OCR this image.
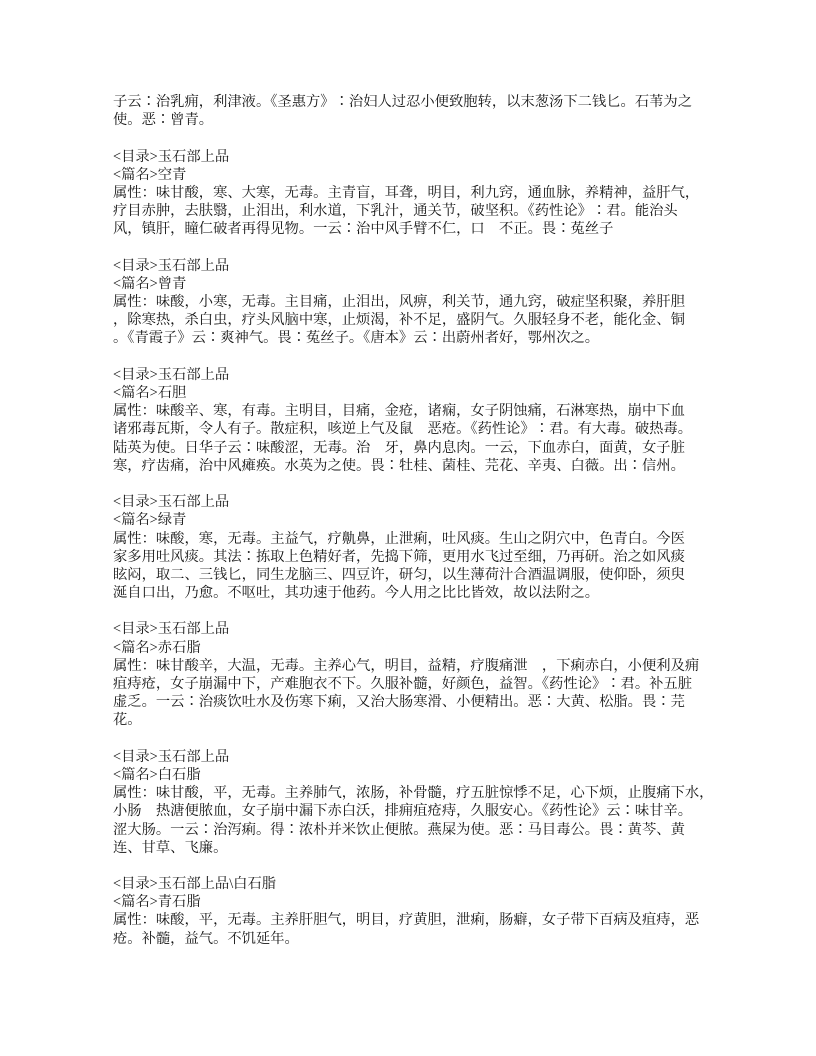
子云∶治乳痈，利津液。《圣惠方》∶治妇人过忍小便致胞转，以末葱汤下二钱匕。石苇为之
使。恶∶曾青。
<目录>玉石部上品
<篇名>空青
属性：味甘酸，寒、大寒，无毒。主青盲，耳聋，明目，利九窍，通血脉，养精神，益肝气，
疗目赤肿，去肤翳，止泪出，利水道，下乳汁，通关节，破坚积。《药性论》∶君。能治头
风，镇肝，瞳仁破者再得见物。一云∶治中风手臂不仁，口　不正。畏∶菟丝子
<目录>玉石部上品
<篇名>曾青
属性：味酸，小寒，无毒。主目痛，止泪出，风痹，利关节，通九窍，破症坚积聚，养肝胆
，除寒热，杀白虫，疗头风脑中寒，止烦渴，补不足，盛阴气。久服轻身不老，能化金、铜
。《青霞子》云∶爽神气。畏∶菟丝子。《唐本》云∶出蔚州者好，鄂州次之。
<目录>玉石部上品
<篇名>石胆
属性：味酸辛、寒，有毒。主明目，目痛，金疮，诸痫，女子阴蚀痛，石淋寒热，崩中下血
诸邪毒瓦斯，令人有子。散症积，咳逆上气及鼠　恶疮。《药性论》∶君。有大毒。破热毒。
陆英为使。日华子云∶味酸涩，无毒。治　牙，鼻内息肉。一云，下血赤白，面黄，女子脏
寒，疗齿痛，治中风瘫痪。水英为之使。畏∶牡桂、菌桂、芫花、辛夷、白薇。出∶信州。
<目录>玉石部上品
<篇名>绿青
属性：味酸，寒，无毒。主益气，疗鼽鼻，止泄痢，吐风痰。生山之阴穴中，色青白。今医
家多用吐风痰。其法∶拣取上色精好者，先捣下筛，更用水飞过至细，乃再研。治之如风痰
眩闷，取二、三钱匕，同生龙脑三、四豆许，研匀，以生薄荷汁合酒温调服，使仰卧，须臾
涎自口出，乃愈。不呕吐，其功速于他药。今人用之比比皆效，故以法附之。
<目录>玉石部上品
<篇名>赤石脂
属性：味甘酸辛，大温，无毒。主养心气，明目，益精，疗腹痛泄　，下痢赤白，小便利及痈
疽痔疮，女子崩漏中下，产难胞衣不下。久服补髓，好颜色，益智。《药性论》∶君。补五脏
虚乏。一云∶治痰饮吐水及伤寒下痢，又治大肠寒滑、小便精出。恶∶大黄、松脂。畏∶芫
花。
<目录>玉石部上品
<篇名>白石脂
属性：味甘酸，平，无毒。主养肺气，浓肠，补骨髓，疗五脏惊悸不足，心下烦，止腹痛下水，
小肠　热溏便脓血，女子崩中漏下赤白沃，排痈疽疮痔，久服安心。《药性论》云∶味甘辛。
涩大肠。一云∶治泻痢。得∶浓朴并米饮止便脓。燕屎为使。恶∶马目毒公。畏∶黄芩、黄
连、甘草、飞廉。
<目录>玉石部上品\白石脂
<篇名>青石脂
属性：味酸，平，无毒。主养肝胆气，明目，疗黄胆，泄痢，肠癖，女子带下百病及疽痔，恶
疮。补髓，益气。不饥延年。
